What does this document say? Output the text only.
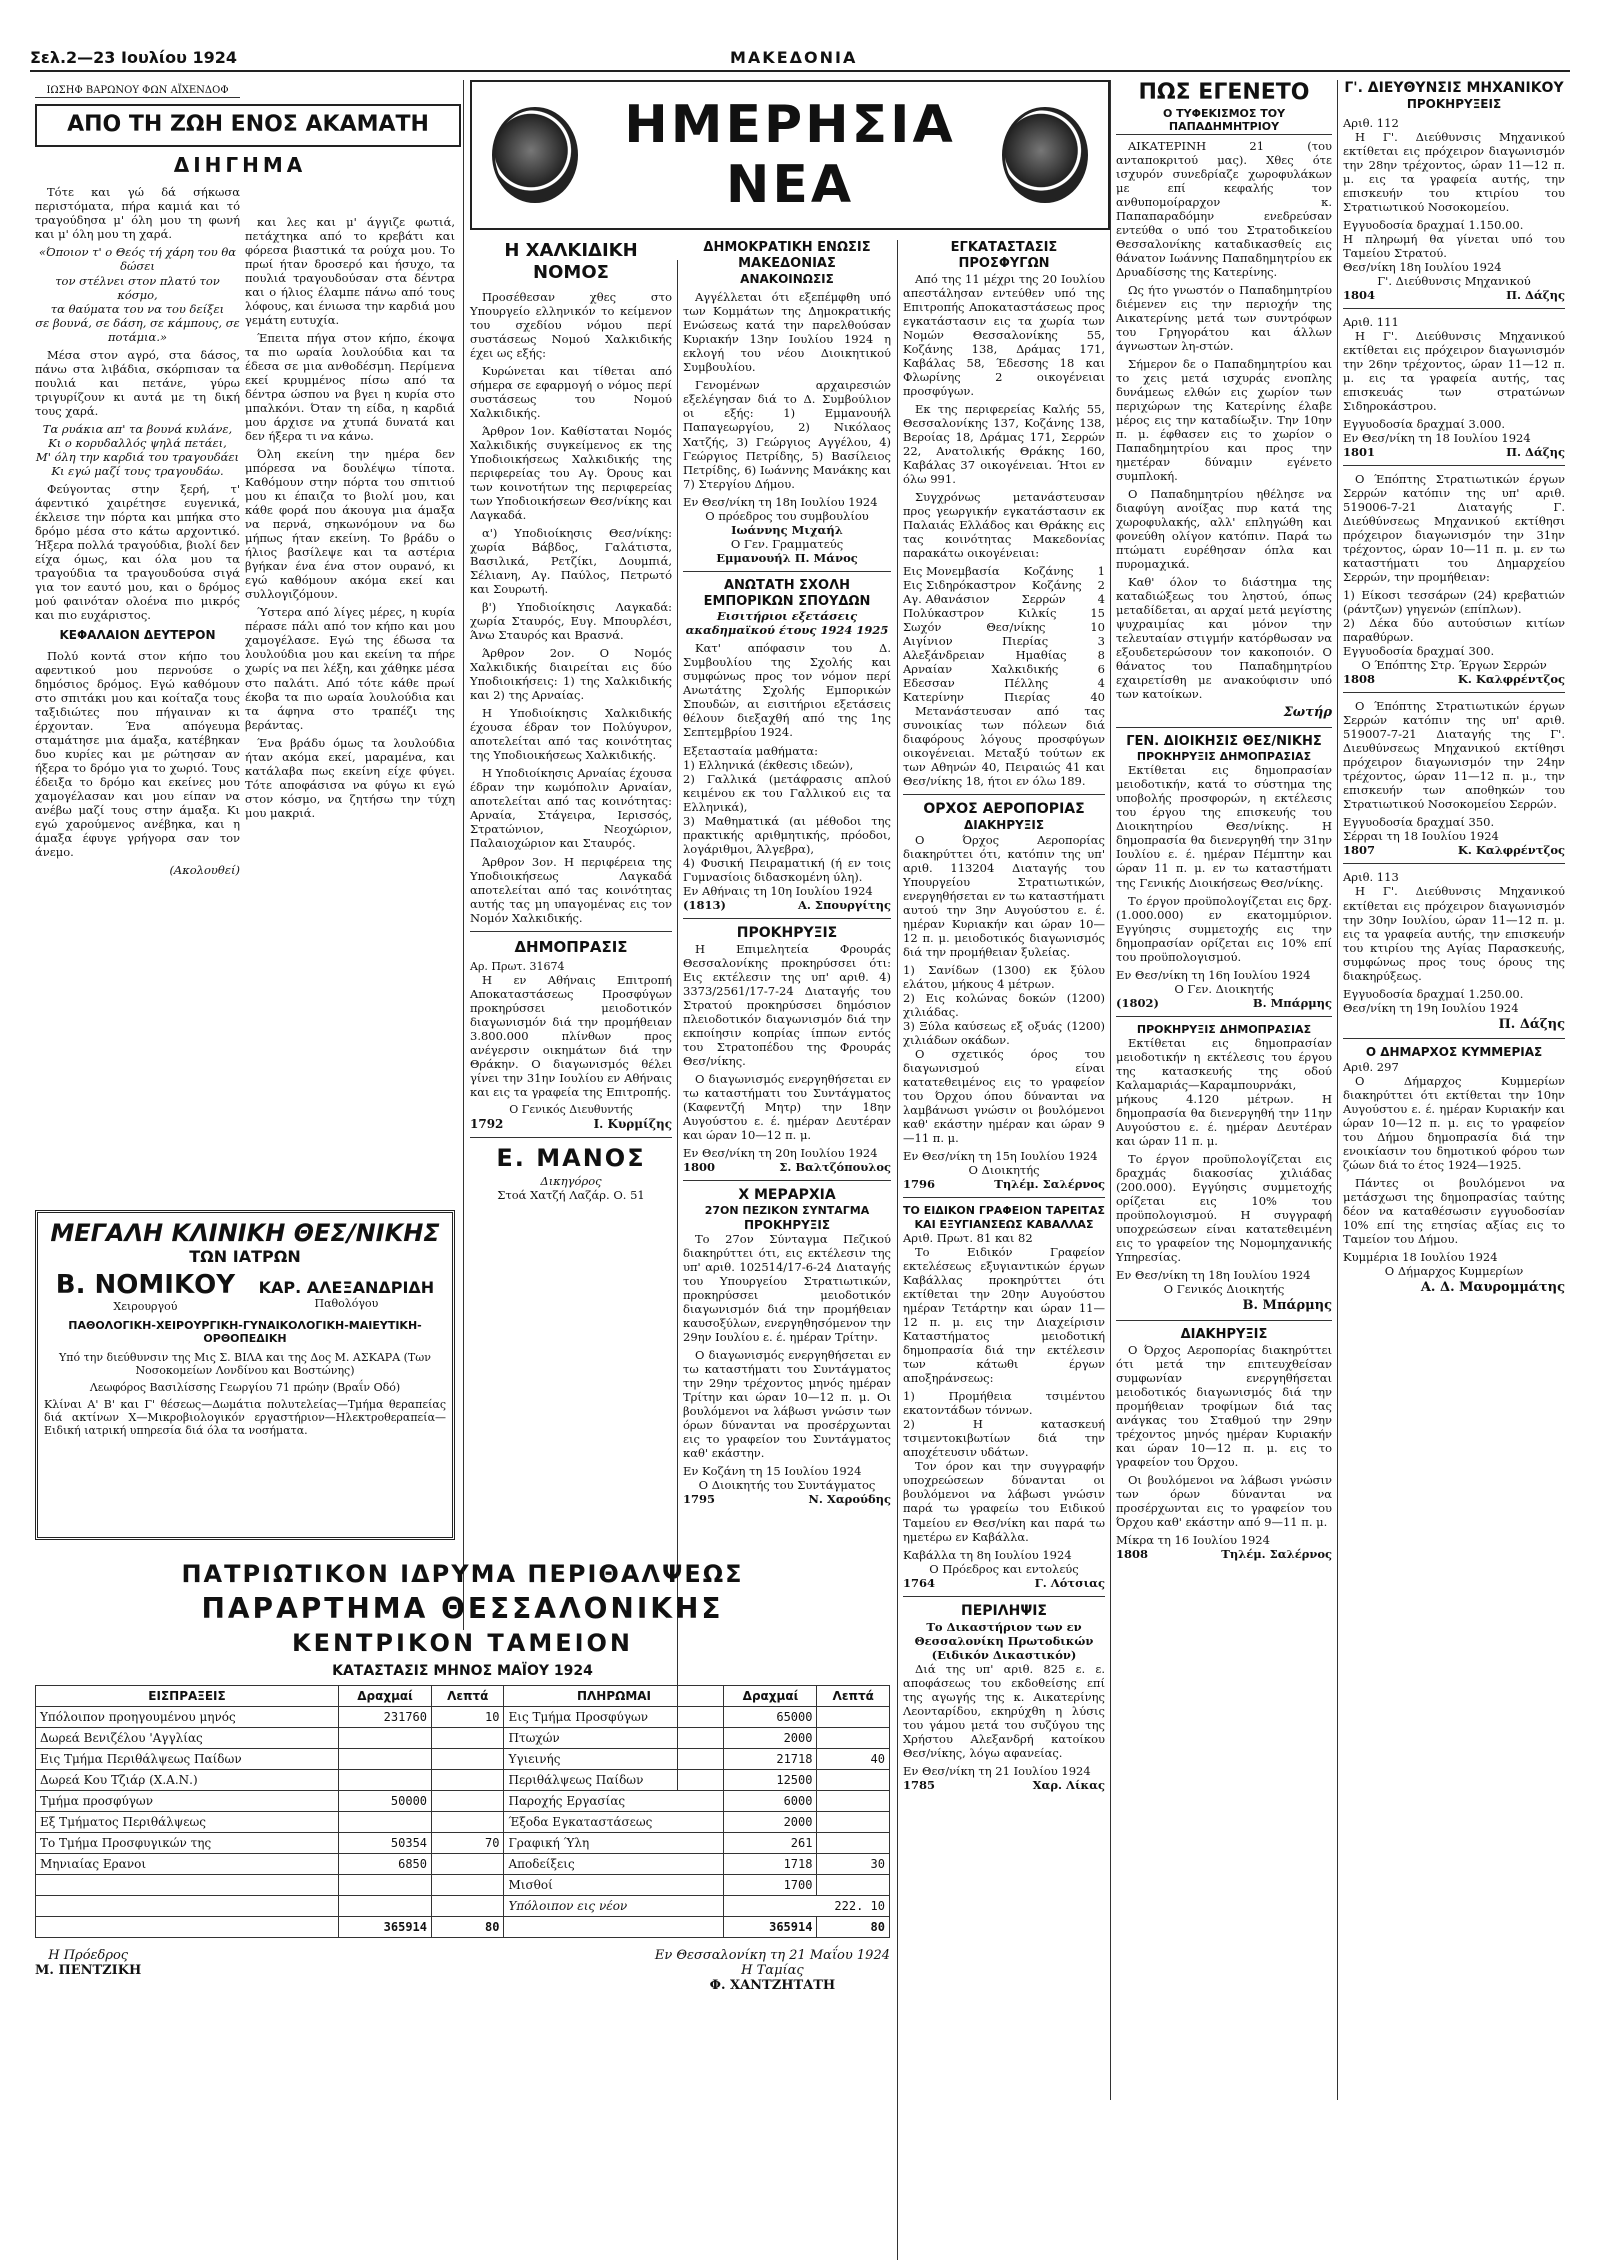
Σελ.2—23 Ιουλίου 1924	ΜΑΚΕΔΟΝΙΑ
ΙΩΣΗΦ ΒΑΡΩΝΟΥ ΦΩΝ ΑΪΧΕΝΔΟΦ
ΑΠΟ ΤΗ ΖΩΗ ΕΝΟΣ ΑΚΑΜΑΤΗ
ΔΙΗΓΗΜΑ

Τότε και γώ δά σήκωσα περιστόματα, πήρα καμιά και τό τραγούδησα μ' όλη μου τη φωνή και μ' όλη μου τη χαρά.

«Όποιον τ' ο Θεός τή χάρη του θα δώσει
τον στέλνει στον πλατύ τον κόσμο,
τα θαύματα του να του δείξει
σε βουνά, σε δάση, σε κάμπους, σε ποτάμια.»

Μέσα στον αγρό, στα δάσος, πάνω στα λιβάδια, σκόρπισαν τα πουλιά και πετάνε, γύρω τριγυρίζουν κι αυτά με τη δική τους χαρά.

Τα ρυάκια απ' τα βουνά κυλάνε,
Κι ο κορυδαλλός ψηλά πετάει,
Μ' όλη την καρδιά του τραγουδάει
Κι εγώ μαζί τους τραγουδάω.

Φεύγοντας στην ξερή, τ' άφεντικό χαιρέτησε ευγενικά, έκλεισε την πόρτα και μπήκα στο δρόμο μέσα στο κάτω αρχοντικό. Ήξερα πολλά τραγούδια, βιολί δεν είχα όμως, και όλα μου τα τραγούδια τα τραγουδούσα σιγά για τον εαυτό μου, και ο δρόμος μού φαινόταν ολοένα πιο μικρός και πιο ευχάριστος.

ΚΕΦΑΛΑΙΟΝ ΔΕΥΤΕΡΟΝ

Πολύ κοντά στον κήπο του αφεντικού μου περνούσε ο δημόσιος δρόμος. Εγώ καθόμουν στο σπιτάκι μου και κοίταζα τους ταξιδιώτες που πήγαιναν κι έρχονταν. Ένα απόγευμα σταμάτησε μια άμαξα, κατέβηκαν δυο κυρίες και με ρώτησαν αν ήξερα το δρόμο για το χωριό. Τους έδειξα το δρόμο και εκείνες μου χαμογέλασαν και μου είπαν να ανέβω μαζί τους στην άμαξα. Κι εγώ χαρούμενος ανέβηκα, και η άμαξα έφυγε γρήγορα σαν τον άνεμο.

(Ακολουθεί)

και λες και μ' άγγιζε φωτιά, πετάχτηκα από το κρεβάτι και φόρεσα βιαστικά τα ρούχα μου. Το πρωί ήταν δροσερό και ήσυχο, τα πουλιά τραγουδούσαν στα δέντρα και ο ήλιος έλαμπε πάνω από τους λόφους, και ένιωσα την καρδιά μου γεμάτη ευτυχία.

Έπειτα πήγα στον κήπο, έκοψα τα πιο ωραία λουλούδια και τα έδεσα σε μια ανθοδέσμη. Περίμενα εκεί κρυμμένος πίσω από τα δέντρα ώσπου να βγει η κυρία στο μπαλκόνι. Όταν τη είδα, η καρδιά μου άρχισε να χτυπά δυνατά και δεν ήξερα τι να κάνω.

Όλη εκείνη την ημέρα δεν μπόρεσα να δουλέψω τίποτα. Καθόμουν στην πόρτα του σπιτιού μου κι έπαιζα το βιολί μου, και κάθε φορά που άκουγα μια άμαξα να περνά, σηκωνόμουν να δω μήπως ήταν εκείνη. Το βράδυ ο ήλιος βασίλεψε και τα αστέρια βγήκαν ένα ένα στον ουρανό, κι εγώ καθόμουν ακόμα εκεί και συλλογιζόμουν.

Ύστερα από λίγες μέρες, η κυρία πέρασε πάλι από τον κήπο και μου χαμογέλασε. Εγώ της έδωσα τα λουλούδια μου και εκείνη τα πήρε χωρίς να πει λέξη, και χάθηκε μέσα στο παλάτι. Από τότε κάθε πρωί έκοβα τα πιο ωραία λουλούδια και τα άφηνα στο τραπέζι της βεράντας.

Ένα βράδυ όμως τα λουλούδια ήταν ακόμα εκεί, μαραμένα, και κατάλαβα πως εκείνη είχε φύγει. Τότε αποφάσισα να φύγω κι εγώ στον κόσμο, να ζητήσω την τύχη μου μακριά.

ΜΕΓΑΛΗ ΚΛΙΝΙΚΗ ΘΕΣ/ΝΙΚΗΣ
ΤΩΝ ΙΑΤΡΩΝ
Β. ΝΟΜΙΚΟΥ
Χειρουργού
ΚΑΡ. ΑΛΕΞΑΝΔΡΙΔΗ
Παθολόγου
ΠΑΘΟΛΟΓΙΚΗ-ΧΕΙΡΟΥΡΓΙΚΗ-ΓΥΝΑΙΚΟΛΟΓΙΚΗ-ΜΑΙΕΥΤΙΚΗ-ΟΡΘΟΠΕΔΙΚΗ
Υπό την διεύθυνσιν της Μις Σ. ΒΙΛΑ και της Δος Μ. ΑΣΚΑΡΑ (Των Νοσοκομείων Λονδίνου και Βοστώνης)
Λεωφόρος Βασιλίσσης Γεωργίου 71 πρώην (Βραΐν Οδό)
Κλίναι Α' Β' και Γ' θέσεως—Δωμάτια πολυτελείας—Τμήμα θεραπείας διά ακτίνων Χ—Μικροβιολογικόν εργαστήριον—Ηλεκτροθεραπεία—Ειδική ιατρική υπηρεσία διά όλα τα νοσήματα.
ΗΜΕΡΗΣΙΑ ΝΕΑ
Η ΧΑΛΚΙΔΙΚΗ ΝΟΜΟΣ

Προσέθεσαν χθες στο Υπουργείο ελληνικόν το κείμενον του σχεδίου νόμου περί συστάσεως Νομού Χαλκιδικής έχει ως εξής:

Κυρώνεται και τίθεται από σήμερα σε εφαρμογή ο νόμος περί συστάσεως του Νομού Χαλκιδικής.

Άρθρον 1ον. Καθίσταται Νομός Χαλκιδικής συγκείμενος εκ της Υποδιοικήσεως Χαλκιδικής της περιφερείας του Αγ. Όρους και των κοινοτήτων της περιφερείας των Υποδιοικήσεων Θεσ/νίκης και Λαγκαδά.

α') Υποδιοίκησις Θεσ/νίκης: χωρία Βάβδος, Γαλάτιστα, Βασιλικά, Ρετζίκι, Δουμπιά, Σέλιανη, Αγ. Παύλος, Πετρωτό και Σουρωτή.

β') Υποδιοίκησις Λαγκαδά: χωρία Σταυρός, Ευγ. Μπουρλέσι, Άνω Σταυρός και Βρασνά.

Άρθρον 2ον. Ο Νομός Χαλκιδικής διαιρείται εις δύο Υποδιοικήσεις: 1) της Χαλκιδικής και 2) της Αρναίας.

Η Υποδιοίκησις Χαλκιδικής έχουσα έδραν τον Πολύγυρον, αποτελείται από τας κοινότητας της Υποδιοικήσεως Χαλκιδικής.

Η Υποδιοίκησις Αρναίας έχουσα έδραν την κωμόπολιν Αρναίαν, αποτελείται από τας κοινότητας: Αρναία, Στάγειρα, Ιερισσός, Στρατώνιον, Νεοχώριον, Παλαιοχώριον και Σταυρός.

Άρθρον 3ον. Η περιφέρεια της Υποδιοικήσεως Λαγκαδά αποτελείται από τας κοινότητας αυτής τας μη υπαγομένας εις τον Νομόν Χαλκιδικής.

ΔΗΜΟΠΡΑΣΙΣ
Αρ. Πρωτ. 31674

Η εν Αθήναις Επιτροπή Αποκαταστάσεως Προσφύγων προκηρύσσει μειοδοτικόν διαγωνισμόν διά την προμήθειαν 3.800.000 πλίνθων προς ανέγερσιν οικημάτων διά την Θράκην. Ο διαγωνισμός θέλει γίνει την 31ην Ιουλίου εν Αθήναις και εις τα γραφεία της Επιτροπής.

Ο Γενικός Διευθυντής
1792	Ι. Κυρμίζης
Ε. ΜΑΝΟΣ
Δικηγόρος
Στοά Χατζή Λαζάρ. Ο. 51
ΔΗΜΟΚΡΑΤΙΚΗ ΕΝΩΣΙΣ ΜΑΚΕΔΟΝΙΑΣ
ΑΝΑΚΟΙΝΩΣΙΣ

Αγγέλλεται ότι εξεπέμφθη υπό των Κομμάτων της Δημοκρατικής Ενώσεως κατά την παρελθούσαν Κυριακήν 13ην Ιουλίου 1924 η εκλογή του νέου Διοικητικού Συμβουλίου.

Γενομένων αρχαιρεσιών εξελέγησαν διά το Δ. Συμβούλιον οι εξής: 1) Εμμανουήλ Παπαγεωργίου, 2) Νικόλαος Χατζής, 3) Γεώργιος Αγγέλου, 4) Γεώργιος Πετρίδης, 5) Βασίλειος Πετρίδης, 6) Ιωάννης Μανάκης και 7) Στεργίου Δήμου.

Εν Θεσ/νίκη τη 18η Ιουλίου 1924
Ο πρόεδρος του συμβουλίου
Ιωάννης Μιχαήλ
Ο Γεν. Γραμματεύς
Εμμανουήλ Π. Μάνος
ΑΝΩΤΑΤΗ ΣΧΟΛΗ ΕΜΠΟΡΙΚΩΝ ΣΠΟΥΔΩΝ
Εισιτήριοι εξετάσεις ακαδημαϊκού έτους 1924 1925

Κατ' απόφασιν του Δ. Συμβουλίου της Σχολής και συμφώνως προς τον νόμον περί Ανωτάτης Σχολής Εμπορικών Σπουδών, αι εισιτήριοι εξετάσεις θέλουν διεξαχθή από της 1ης Σεπτεμβρίου 1924.

Εξετασταία μαθήματα:
1) Ελληνικά (έκθεσις ιδεών),
2) Γαλλικά (μετάφρασις απλού κειμένου εκ του Γαλλικού εις τα Ελληνικά),
3) Μαθηματικά (αι μέθοδοι της πρακτικής αριθμητικής, πρόοδοι, λογάριθμοι, Άλγεβρα),
4) Φυσική Πειραματική (ή εν τοις Γυμνασίοις διδασκομένη ύλη).
Εν Αθήναις τη 10η Ιουλίου 1924
(1813)	Α. Σπουργίτης
ΠΡΟΚΗΡΥΞΙΣ

Η Επιμελητεία Φρουράς Θεσσαλονίκης προκηρύσσει ότι: Εις εκτέλεσιν της υπ' αριθ. 4) 3373/2561/17-7-24 Διαταγής του Στρατού προκηρύσσει δημόσιον πλειοδοτικόν διαγωνισμόν διά την εκποίησιν κοπρίας ίππων εντός του Στρατοπέδου της Φρουράς Θεσ/νίκης.

Ο διαγωνισμός ενεργηθήσεται εν τω καταστήματι του Συντάγματος (Καφεντζή Μητρ) την 18ην Αυγούστου ε. έ. ημέραν Δευτέραν και ώραν 10—12 π. μ.

Εν Θεσ/νίκη τη 20η Ιουλίου 1924
1800	Σ. Βαλτζόπουλος
Χ ΜΕΡΑΡΧΙΑ
27ΟΝ ΠΕΖΙΚΟΝ ΣΥΝΤΑΓΜΑ
ΠΡΟΚΗΡΥΞΙΣ

Το 27ον Σύνταγμα Πεζικού διακηρύττει ότι, εις εκτέλεσιν της υπ' αριθ. 102514/17-6-24 Διαταγής του Υπουργείου Στρατιωτικών, προκηρύσσει μειοδοτικόν διαγωνισμόν διά την προμήθειαν καυσοξύλων, ενεργηθησόμενον την 29ην Ιουλίου ε. έ. ημέραν Τρίτην.

Ο διαγωνισμός ενεργηθήσεται εν τω καταστήματι του Συντάγματος την 29ην τρέχοντος μηνός ημέραν Τρίτην και ώραν 10—12 π. μ. Οι βουλόμενοι να λάβωσι γνώσιν των όρων δύνανται να προσέρχωνται εις το γραφείον του Συντάγματος καθ' εκάστην.

Εν Κοζάνη τη 15 Ιουλίου 1924
Ο Διοικητής του Συντάγματος
1795	Ν. Χαρούδης
ΕΓΚΑΤΑΣΤΑΣΙΣ ΠΡΟΣΦΥΓΩΝ

Από της 11 μέχρι της 20 Ιουλίου απεστάλησαν εντεύθεν υπό της Επιτροπής Αποκαταστάσεως προς εγκατάστασιν εις τα χωρία των Νομών Θεσσαλονίκης 55, Κοζάνης 138, Δράμας 171, Καβάλας 58, Έδεσσης 18 και Φλωρίνης 2 οικογένειαι προσφύγων.

Εκ της περιφερείας Καλής 55, Θεσσαλονίκης 137, Κοζάνης 138, Βεροίας 18, Δράμας 171, Σερρών 22, Ανατολικής Θράκης 160, Καβάλας 37 οικογένειαι. Ήτοι εν όλω 991.

Συγχρόνως μετανάστευσαν προς γεωργικήν εγκατάστασιν εκ Παλαιάς Ελλάδος και Θράκης εις τας κοινότητας Μακεδονίας παρακάτω οικογένειαι:

Εις Μονεμβασία Κοζάνης 1
Εις Σιδηρόκαστρον Κοζάνης 2
Αγ. Αθανάσιον	Σερρών	4
Πολύκαστρον	Κιλκίς	15
Σωχόν	Θεσ/νίκης	10
Αιγίνιον	Πιερίας	3
Αλεξάνδρειαν	Ημαθίας	8
Αρναίαν	Χαλκιδικής	6
Εδεσσαν	Πέλλης	4
Κατερίνην	Πιερίας	40

Μετανάστευσαν από τας συνοικίας των πόλεων διά διαφόρους λόγους προσφύγων οικογένειαι. Μεταξύ τούτων εκ των Αθηνών 40, Πειραιώς 41 και Θεσ/νίκης 18, ήτοι εν όλω 189.

ΟΡΧΟΣ ΑΕΡΟΠΟΡΙΑΣ
ΔΙΑΚΗΡΥΞΙΣ

Ο Όρχος Αεροπορίας διακηρύττει ότι, κατόπιν της υπ' αριθ. 113204 Διαταγής του Υπουργείου Στρατιωτικών, ενεργηθήσεται εν τω καταστήματι αυτού την 3ην Αυγούστου ε. έ. ημέραν Κυριακήν και ώραν 10—12 π. μ. μειοδοτικός διαγωνισμός διά την προμήθειαν ξυλείας.

1) Σανίδων (1300) εκ ξύλου ελάτου, μήκους 4 μέτρων.
2) Εις κολώνας δοκών (1200) χιλιάδας.
3) Ξύλα καύσεως εξ οξυάς (1200) χιλιάδων οκάδων.

Ο σχετικός όρος του διαγωνισμού είναι κατατεθειμένος εις το γραφείον του Όρχου όπου δύνανται να λαμβάνωσι γνώσιν οι βουλόμενοι καθ' εκάστην ημέραν και ώραν 9—11 π. μ.

Εν Θεσ/νίκη τη 15η Ιουλίου 1924
Ο Διοικητής
1796	Τηλέμ. Σαλέρνος
ΤΟ ΕΙΔΙΚΟΝ ΓΡΑΦΕΙΟΝ ΤΑΡΕΙΤΑΣ ΚΑΙ ΕΞΥΓΙΑΝΣΕΩΣ ΚΑΒΑΛΛΑΣ
Αριθ. Πρωτ. 81 και 82

Το Ειδικόν Γραφείον εκτελέσεως εξυγιαντικών έργων Καβάλλας προκηρύττει ότι εκτίθεται την 20ην Αυγούστου ημέραν Τετάρτην και ώραν 11—12 π. μ. εις την Διαχείρισιν Καταστήματος μειοδοτική δημοπρασία διά την εκτέλεσιν των κάτωθι έργων αποξηράνσεως:

1) Προμήθεια τσιμέντου εκατοντάδων τόννων.
2) Η κατασκευή τσιμεντοκιβωτίων διά την αποχέτευσιν υδάτων.

Τον όρον και την συγγραφήν υποχρεώσεων δύνανται οι βουλόμενοι να λάβωσι γνώσιν παρά τω γραφείω του Ειδικού Ταμείου εν Θεσ/νίκη και παρά τω ημετέρω εν Καβάλλα.

Καβάλλα τη 8η Ιουλίου 1924
Ο Πρόεδρος και εντολεύς
1764	Γ. Λότσιας
ΠΕΡΙΛΗΨΙΣ
Το Δικαστήριον των εν Θεσσαλονίκη Πρωτοδικών (Ειδικόν Δικαστικόν)

Διά της υπ' αριθ. 825 ε. ε. αποφάσεως του εκδοθείσης επί της αγωγής της κ. Αικατερίνης Λεονταρίδου, εκηρύχθη η λύσις του γάμου μετά του συζύγου της Χρήστου Αλεξανδρή κατοίκου Θεσ/νίκης, λόγω αφανείας.

Εν Θεσ/νίκη τη 21 Ιουλίου 1924
1785	Χαρ. Λίκας
ΠΩΣ ΕΓΕΝΕΤΟ
Ο ΤΥΦΕΚΙΣΜΟΣ ΤΟΥ ΠΑΠΑΔΗΜΗΤΡΙΟΥ

ΑΙΚΑΤΕΡΙΝΗ 21 (του ανταποκριτού μας). Χθες ότε ισχυρόν συνεδρίαζε χωροφυλάκων με επί κεφαλής τον ανθυπομοίραρχον κ. Παπαπαραδόμην ενεδρεύσαν εντεύθα ο υπό του Στρατοδικείου Θεσσαλονίκης καταδικασθείς εις θάνατον Ιωάννης Παπαδημητρίου εκ Δρυαδίσσης της Κατερίνης.

Ως ήτο γνωστόν ο Παπαδημητρίου διέμενεν εις την περιοχήν της Αικατερίνης μετά των συντρόφων του Γρηγοράτου και άλλων άγνωστων λη-στών.

Σήμερον δε ο Παπαδημητρίου και το χεις μετά ισχυράς ενοπλης δυνάμεως ελθών εις χωρίον των περιχώρων της Κατερίνης έλαβε μέρος εις την καταδίωξιν. Την 10ην π. μ. έφθασεν εις το χωρίον ο Παπαδημητρίου και προς την ημετέραν δύναμιν εγένετο συμπλοκή.

Ο Παπαδημητρίου ηθέλησε να διαφύγη ανοίξας πυρ κατά της χωροφυλακής, αλλ' επληγώθη και φονεύθη ολίγον κατόπιν. Παρά τω πτώματι ευρέθησαν όπλα και πυρομαχικά.

Καθ' όλον το διάστημα της καταδιώξεως του ληστού, όπως μεταδίδεται, αι αρχαί μετά μεγίστης ψυχραιμίας και μόνον την τελευταίαν στιγμήν κατόρθωσαν να εξουδετερώσουν τον κακοποιόν. Ο θάνατος του Παπαδημητρίου εχαιρετίσθη με ανακούφισιν υπό των κατοίκων.

Σωτήρ
ΓΕΝ. ΔΙΟΙΚΗΣΙΣ ΘΕΣ/ΝΙΚΗΣ
ΠΡΟΚΗΡΥΞΙΣ ΔΗΜΟΠΡΑΣΙΑΣ

Εκτίθεται εις δημοπρασίαν μειοδοτικήν, κατά το σύστημα της υποβολής προσφορών, η εκτέλεσις του έργου της επισκευής του Διοικητηρίου Θεσ/νίκης. Η δημοπρασία θα διενεργηθή την 31ην Ιουλίου ε. έ. ημέραν Πέμπτην και ώραν 11 π. μ. εν τω καταστήματι της Γενικής Διοικήσεως Θεσ/νίκης.

Το έργον προϋπολογίζεται εις δρχ. (1.000.000) εν εκατομμύριον. Εγγύησις συμμετοχής εις την δημοπρασίαν ορίζεται εις 10% επί του προϋπολογισμού.

Εν Θεσ/νίκη τη 16η Ιουλίου 1924
Ο Γεν. Διοικητής
(1802)	Β. Μπάρμης
ΠΡΟΚΗΡΥΞΙΣ ΔΗΜΟΠΡΑΣΙΑΣ

Εκτίθεται εις δημοπρασίαν μειοδοτικήν η εκτέλεσις του έργου της κατασκευής της οδού Καλαμαριάς—Καραμπουρνάκι, μήκους 4.120 μέτρων. Η δημοπρασία θα διενεργηθή την 11ην Αυγούστου ε. έ. ημέραν Δευτέραν και ώραν 11 π. μ.

Το έργον προϋπολογίζεται εις δραχμάς διακοσίας χιλιάδας (200.000). Εγγύησις συμμετοχής ορίζεται εις 10% του προϋπολογισμού. Η συγγραφή υποχρεώσεων είναι κατατεθειμένη εις το γραφείον της Νομομηχανικής Υπηρεσίας.

Εν Θεσ/νίκη τη 18η Ιουλίου 1924
Ο Γενικός Διοικητής
Β. Μπάρμης
ΔΙΑΚΗΡΥΞΙΣ

Ο Όρχος Αεροπορίας διακηρύττει ότι μετά την επιτευχθείσαν συμφωνίαν ενεργηθήσεται μειοδοτικός διαγωνισμός διά την προμήθειαν τροφίμων διά τας ανάγκας του Σταθμού την 29ην τρέχοντος μηνός ημέραν Κυριακήν και ώραν 10—12 π. μ. εις το γραφείον του Όρχου.

Οι βουλόμενοι να λάβωσι γνώσιν των όρων δύνανται να προσέρχωνται εις το γραφείον του Όρχου καθ' εκάστην από 9—11 π. μ.

Μίκρα τη 16 Ιουλίου 1924
1808	Τηλέμ. Σαλέρνος
Γ'. ΔΙΕΥΘΥΝΣΙΣ ΜΗΧΑΝΙΚΟΥ
ΠΡΟΚΗΡΥΞΕΙΣ
Αριθ. 112

Η Γ'. Διεύθυνσις Μηχανικού εκτίθεται εις πρόχειρον διαγωνισμόν την 28ην τρέχοντος, ώραν 11—12 π. μ. εις τα γραφεία αυτής, την επισκευήν του κτιρίου του Στρατιωτικού Νοσοκομείου.

Εγγυοδοσία δραχμαί 1.150.00.
Η πληρωμή θα γίνεται υπό του Ταμείου Στρατού.
Θεσ/νίκη 18η Ιουλίου 1924
Γ'. Διεύθυνσις Μηχανικού
1804	Π. Δάζης
Αριθ. 111

Η Γ'. Διεύθυνσις Μηχανικού εκτίθεται εις πρόχειρον διαγωνισμόν την 26ην τρέχοντος, ώραν 11—12 π. μ. εις τα γραφεία αυτής, τας επισκευάς των στρατώνων Σιδηροκάστρου.

Εγγυοδοσία δραχμαί 3.000.
Εν Θεσ/νίκη τη 18 Ιουλίου 1924
1801	Π. Δάζης

Ο Έπόπτης Στρατιωτικών έργων Σερρών κατόπιν της υπ' αριθ. 519006-7-21 Διαταγής Γ. Διεύθύνσεως Μηχανικού εκτίθησι πρόχειρον διαγωνισμόν την 31ην τρέχοντος, ώραν 10—11 π. μ. εν τω καταστήματι του Δημαρχείου Σερρών, την προμήθειαν:

1) Είκοσι τεσσάρων (24) κρεβατιών (ράντζων) γηγενών (επίπλων).
2) Δέκα δύο αυτούσιων κιτίων παραθύρων.
Εγγυοδοσία δραχμαί 300.
Ο Έπόπτης Στρ. Έργων Σερρών
1808	Κ. Καλφρέντζος

Ο Έπόπτης Στρατιωτικών έργων Σερρών κατόπιν της υπ' αριθ. 519007-7-21 Διαταγής της Γ'. Διευθύνσεως Μηχανικού εκτίθησι πρόχειρον διαγωνισμόν την 24ην τρέχοντος, ώραν 11—12 π. μ., την επισκευήν των αποθηκών του Στρατιωτικού Νοσοκομείου Σερρών.

Εγγυοδοσία δραχμαί 350.
Σέρραι τη 18 Ιουλίου 1924
1807	Κ. Καλφρέντζος
Αριθ. 113

Η Γ'. Διεύθυνσις Μηχανικού εκτίθεται εις πρόχειρον διαγωνισμόν την 30ην Ιουλίου, ώραν 11—12 π. μ. εις τα γραφεία αυτής, την επισκευήν του κτιρίου της Αγίας Παρασκευής, συμφώνως προς τους όρους της διακηρύξεως.

Εγγυοδοσία δραχμαί 1.250.00.
Θεσ/νίκη τη 19η Ιουλίου 1924
Π. Δάζης
Ο ΔΗΜΑΡΧΟΣ ΚΥΜΜΕΡΙΑΣ
Αριθ. 297

Ο Δήμαρχος Κυμμερίων διακηρύττει ότι εκτίθεται την 10ην Αυγούστου ε. έ. ημέραν Κυριακήν και ώραν 10—12 π. μ. εις το γραφείον του Δήμου δημοπρασία διά την ενοικίασιν του δημοτικού φόρου των ζώων διά το έτος 1924—1925.

Πάντες οι βουλόμενοι να μετάσχωσι της δημοπρασίας ταύτης δέον να καταθέσωσιν εγγυοδοσίαν 10% επί της ετησίας αξίας εις το Ταμείον του Δήμου.

Κυμμέρια 18 Ιουλίου 1924
Ο Δήμαρχος Κυμμερίων
Α. Δ. Μαυρομμάτης
ΠΑΤΡΙΩΤΙΚΟΝ ΙΔΡΥΜΑ ΠΕΡΙΘΑΛΨΕΩΣ
ΠΑΡΑΡΤΗΜΑ ΘΕΣΣΑΛΟΝΙΚΗΣ
ΚΕΝΤΡΙΚΟΝ ΤΑΜΕΙΟΝ
ΚΑΤΑΣΤΑΣΙΣ ΜΗΝΟΣ ΜΑΪΟΥ 1924
ΕΙΣΠΡΑΞΕΙΣ	Δραχμαί	Λεπτά	ΠΛΗΡΩΜΑΙ	Δραχμαί	Λεπτά
Υπόλοιπον προηγουμένου μηνός	231760	10	Εις Τμήμα Προσφύγων	65000	
Δωρεά Βενιζέλου 'Αγγλίας			Πτωχών	2000	
Εις Τμήμα Περιθάλψεως Παίδων			Υγιεινής	21718	40
Δωρεά Κου Τζιάρ (Χ.Α.Ν.)			Περιθάλψεως Παίδων	12500	
Τμήμα προσφύγων	50000		Παροχής Εργασίας	6000	
Εξ Τμήματος Περιθάλψεως			Έξοδα Εγκαταστάσεως	2000	
Το Τμήμα Προσφυγικών της	50354	70	Γραφική Ύλη	261	
Μηνιαίας Ερανοι	6850		Αποδείξεις	1718	30
			Μισθοί	1700	
			Υπόλοιπον εις νέον	222. 10	
	365914	80		365914	80
Η Πρόεδρος
Μ. ΠΕΝΤΖΙΚΗ
Εν Θεσσαλονίκη τη 21 Μαΐου 1924
Η Ταμίας
Φ. ΧΑΝΤΖΗΤΑΤΗ
